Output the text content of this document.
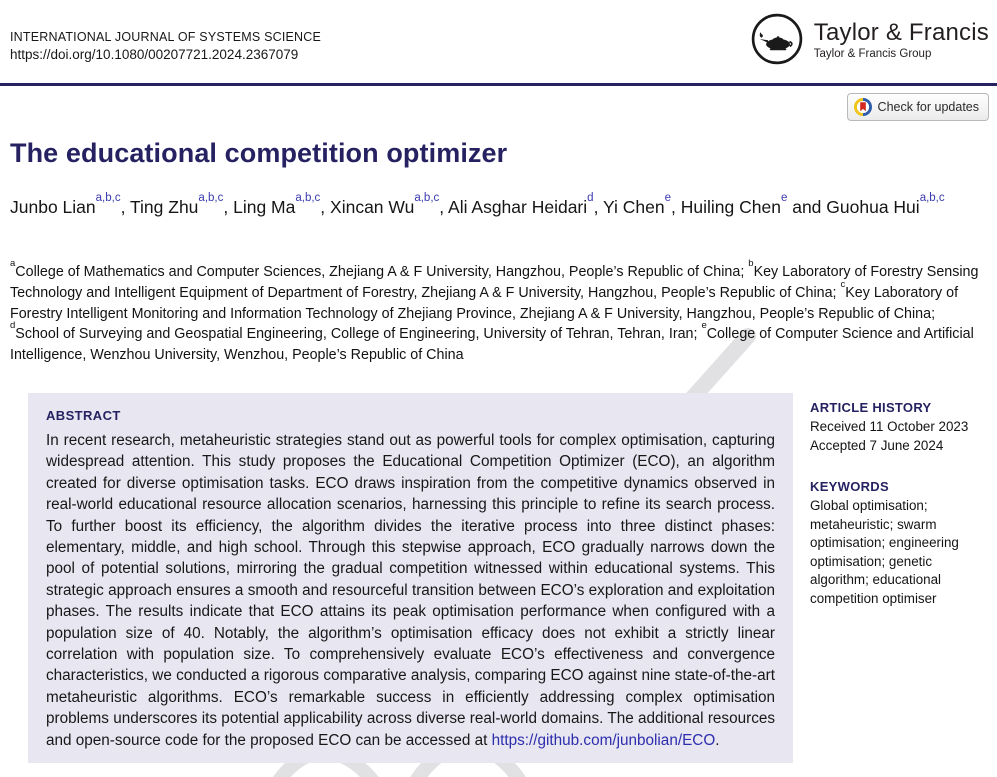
INTERNATIONAL JOURNAL OF SYSTEMS SCIENCE
https://doi.org/10.1080/00207721.2024.2367079
Taylor & Francis
Taylor & Francis Group
Check for updates
The educational competition optimizer

Junbo Lian$^{a,b,c}$, Ting Zhu$^{a,b,c}$, Ling Ma$^{a,b,c}$, Xincan Wu$^{a,b,c}$, Ali Asghar Heidari$^d$, Yi Chen$^e$, Huiling Chen$^e$ and Guohua Hui$^{a,b,c}$

$^a$College of Mathematics and Computer Sciences, Zhejiang A & F University, Hangzhou, People’s Republic of China; $^b$Key Laboratory of Forestry Sensing Technology and Intelligent Equipment of Department of Forestry, Zhejiang A & F University, Hangzhou, People’s Republic of China; $^c$Key Laboratory of Forestry Intelligent Monitoring and Information Technology of Zhejiang Province, Zhejiang A & F University, Hangzhou, People’s Republic of China; $^d$School of Surveying and Geospatial Engineering, College of Engineering, University of Tehran, Tehran, Iran; $^e$College of Computer Science and Artificial Intelligence, Wenzhou University, Wenzhou, People’s Republic of China

ABSTRACT

In recent research, metaheuristic strategies stand out as powerful tools for complex optimisation, capturing widespread attention. This study proposes the Educational Competition Optimizer (ECO), an algorithm created for diverse optimisation tasks. ECO draws inspiration from the competitive dynamics observed in real-world educational resource allocation scenarios, harnessing this principle to refine its search process. To further boost its efficiency, the algorithm divides the iterative process into three distinct phases: elementary, middle, and high school. Through this stepwise approach, ECO gradually narrows down the pool of potential solutions, mirroring the gradual competition witnessed within educational systems. This strategic approach ensures a smooth and resourceful transition between ECO’s exploration and exploitation phases. The results indicate that ECO attains its peak optimisation performance when configured with a population size of 40. Notably, the algorithm’s optimisation efficacy does not exhibit a strictly linear correlation with population size. To comprehensively evaluate ECO’s effectiveness and convergence characteristics, we conducted a rigorous comparative analysis, comparing ECO against nine state-of-the-art metaheuristic algorithms. ECO’s remarkable success in efficiently addressing complex optimisation problems underscores its potential applicability across diverse real-world domains. The additional resources and open-source code for the proposed ECO can be accessed at https://github.com/junbolian/ECO.

ARTICLE HISTORY
Received 11 October 2023
Accepted 7 June 2024
KEYWORDS
Global optimisation; metaheuristic; swarm optimisation; engineering optimisation; genetic algorithm; educational competition optimiser
